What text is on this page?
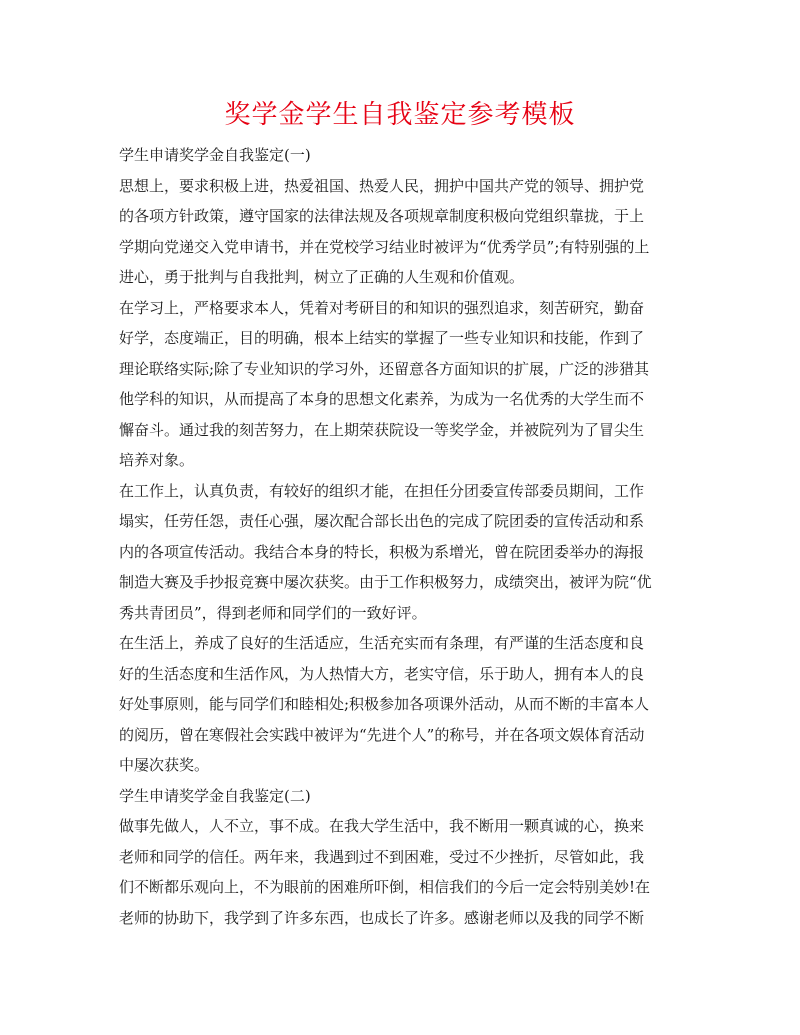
奖学金学生自我鉴定参考模板

学生申请奖学金自我鉴定(一)

思想上，要求积极上进，热爱祖国、热爱人民，拥护中国共产党的领导、拥护党
的各项方针政策，遵守国家的法律法规及各项规章制度积极向党组织靠拢，于上
学期向党递交入党申请书，并在党校学习结业时被评为“优秀学员”;有特别强的上
进心，勇于批判与自我批判，树立了正确的人生观和价值观。

在学习上，严格要求本人，凭着对考研目的和知识的强烈追求，刻苦研究，勤奋
好学，态度端正，目的明确，根本上结实的掌握了一些专业知识和技能，作到了
理论联络实际;除了专业知识的学习外，还留意各方面知识的扩展，广泛的涉猎其
他学科的知识，从而提高了本身的思想文化素养，为成为一名优秀的大学生而不
懈奋斗。通过我的刻苦努力，在上期荣获院设一等奖学金，并被院列为了冒尖生
培养对象。

在工作上，认真负责，有较好的组织才能，在担任分团委宣传部委员期间，工作
塌实，任劳任怨，责任心强，屡次配合部长出色的完成了院团委的宣传活动和系
内的各项宣传活动。我结合本身的特长，积极为系增光，曾在院团委举办的海报
制造大赛及手抄报竞赛中屡次获奖。由于工作积极努力，成绩突出，被评为院“优
秀共青团员”，得到老师和同学们的一致好评。

在生活上，养成了良好的生活适应，生活充实而有条理，有严谨的生活态度和良
好的生活态度和生活作风，为人热情大方，老实守信，乐于助人，拥有本人的良
好处事原则，能与同学们和睦相处;积极参加各项课外活动，从而不断的丰富本人
的阅历，曾在寒假社会实践中被评为“先进个人”的称号，并在各项文娱体育活动
中屡次获奖。

学生申请奖学金自我鉴定(二)

做事先做人，人不立，事不成。在我大学生活中，我不断用一颗真诚的心，换来
老师和同学的信任。两年来，我遇到过不到困难，受过不少挫折，尽管如此，我
们不断都乐观向上，不为眼前的困难所吓倒，相信我们的今后一定会特别美妙!在
老师的协助下，我学到了许多东西，也成长了许多。感谢老师以及我的同学不断
